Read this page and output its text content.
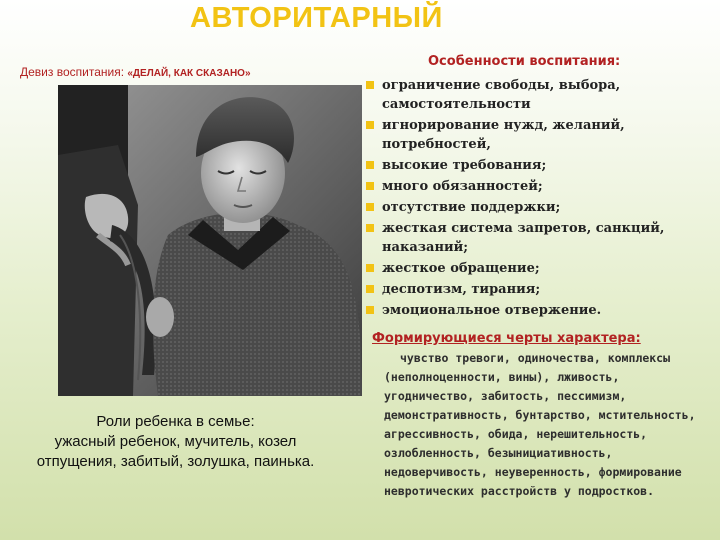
АВТОРИТАРНЫЙ
Девиз воспитания: «ДЕЛАЙ, КАК СКАЗАНО»
Роли ребенка в семье:
ужасный ребенок, мучитель, козел отпущения, забитый, золушка, паинька.
Особенности воспитания:
ограничение свободы, выбора, самостоятельности
игнорирование нужд, желаний, потребностей,
высокие требования;
много обязанностей;
отсутствие поддержки;
жесткая система запретов, санкций, наказаний;
жесткое обращение;
деспотизм, тирания;
эмоциональное отвержение.
Формирующиеся черты характера:
чувство тревоги, одиночества, комплексы (неполноценности, вины), лживость, угодничество, забитость, пессимизм, демонстративность, бунтарство, мстительность, агрессивность, обида, нерешительность, озлобленность, безынициативность, недоверчивость, неуверенность, формирование невротических расстройств у подростков.
